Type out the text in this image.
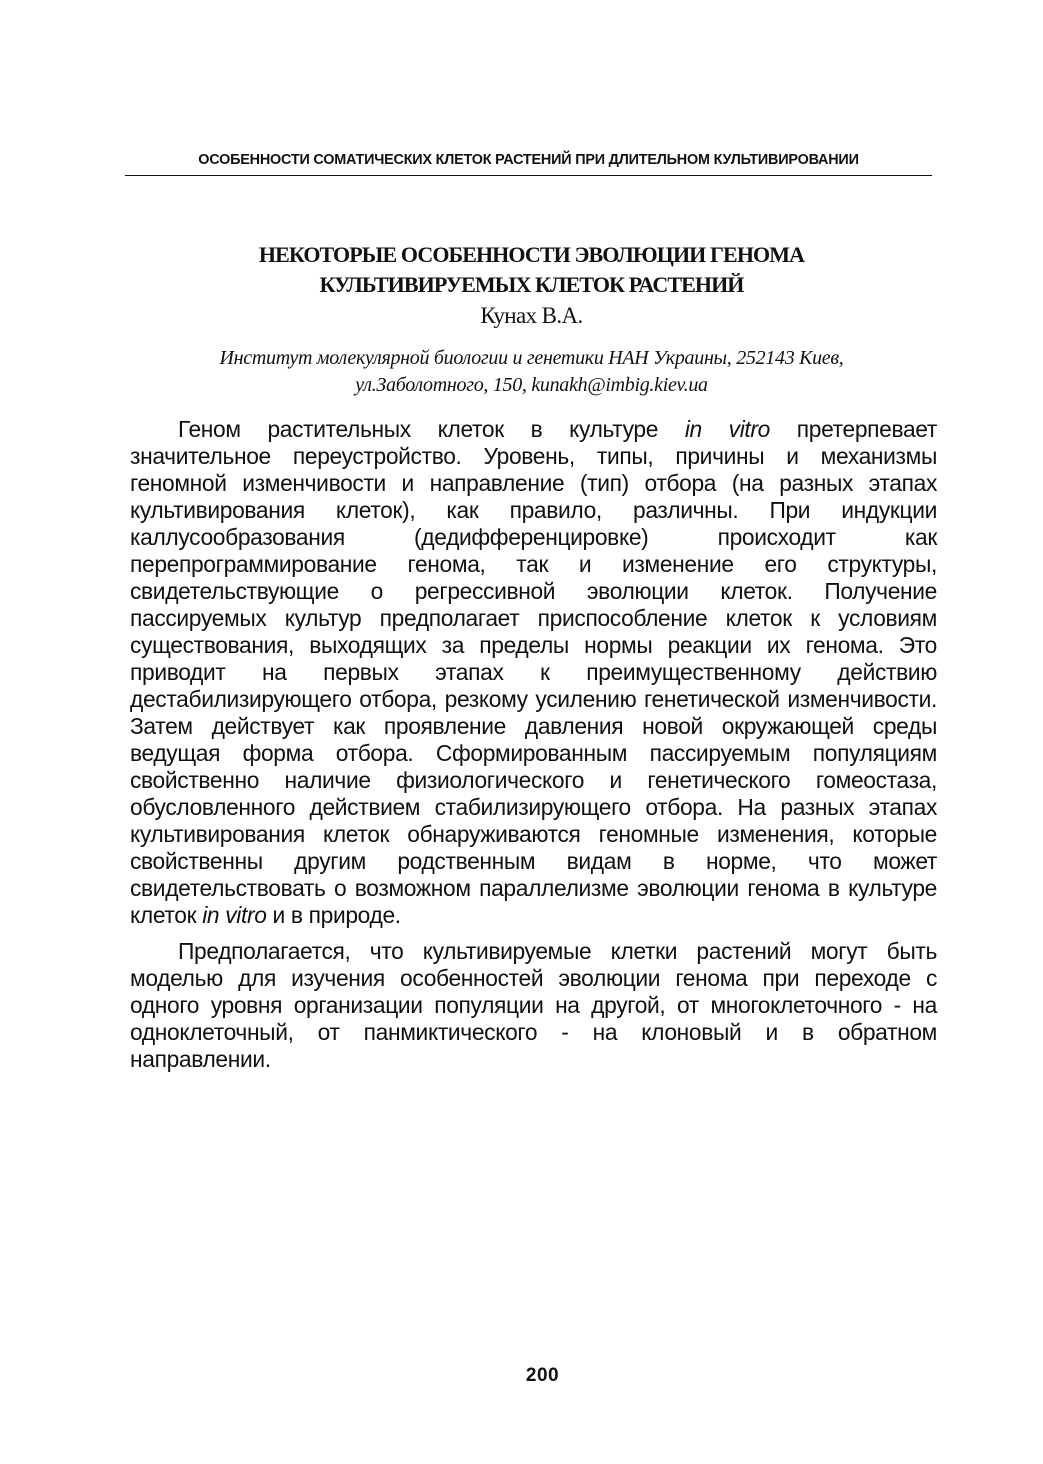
ОСОБЕННОСТИ СОМАТИЧЕСКИХ КЛЕТОК РАСТЕНИЙ ПРИ ДЛИТЕЛЬНОМ КУЛЬТИВИРОВАНИИ
НЕКОТОРЫЕ ОСОБЕННОСТИ ЭВОЛЮЦИИ ГЕНОМА
КУЛЬТИВИРУЕМЫХ КЛЕТОК РАСТЕНИЙ
Кунах В.А.
Институт молекулярной биологии и генетики НАН Украины, 252143 Киев,
ул.Заболотного, 150, kunakh@imbig.kiev.ua

Геном растительных клеток в культуре in vitro претерпевает значительное переустройство. Уровень, типы, причины и механизмы геномной изменчивости и направление (тип) отбора (на разных этапах культивирования клеток), как правило, различны. При индукции каллусообразования (дедифференцировке) происходит как перепрограммирование генома, так и изменение его структуры, свидетельствующие о регрессивной эволюции клеток. Получение пассируемых культур предполагает приспособление клеток к условиям существования, выходящих за пределы нормы реакции их генома. Это приводит на первых этапах к преимущественному действию дестабилизирующего отбора, резкому усилению генетической изменчивости. Затем действует как проявление давления новой окружающей среды ведущая форма отбора. Сформированным пассируемым популяциям свойственно наличие физиологического и генетического гомеостаза, обусловленного действием стабилизирующего отбора. На разных этапах культивирования клеток обнаруживаются геномные изменения, которые свойственны другим родственным видам в норме, что может свидетельствовать о возможном параллелизме эволюции генома в культуре клеток in vitro и в природе.

Предполагается, что культивируемые клетки растений могут быть моделью для изучения особенностей эволюции генома при переходе с одного уровня организации популяции на другой, от многоклеточного - на одноклеточный, от панмиктического - на клоновый и в обратном направлении.

200
